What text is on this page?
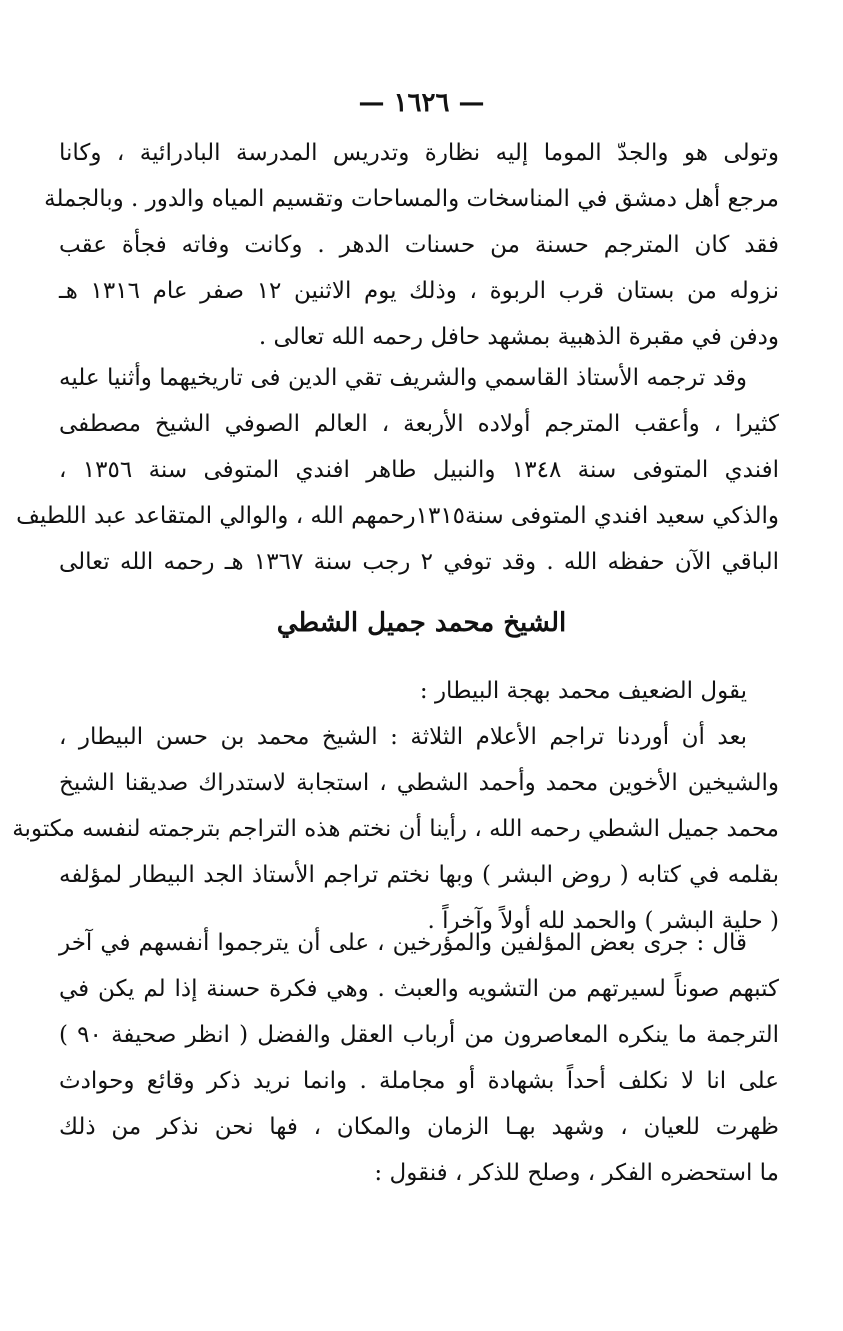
— ١٦٢٦ —
وتولى هو والجدّ الموما إليه نظارة وتدريس المدرسة البادرائية ، وكانا
مرجع أهل دمشق في المناسخات والمساحات وتقسيم المياه والدور . وبالجملة
فقد كان المترجم حسنة من حسنات الدهر . وكانت وفاته فجأة عقب
نزوله من بستان قرب الربوة ، وذلك يوم الاثنين ١٢ صفر عام ١٣١٦ هـ
ودفن في مقبرة الذهبية بمشهد حافل رحمه الله تعالى .
وقد ترجمه الأستاذ القاسمي والشريف تقي الدين فى تاريخيهما وأثنيا عليه
كثيرا ، وأعقب المترجم أولاده الأربعة ، العالم الصوفي الشيخ مصطفى
افندي المتوفى سنة ١٣٤٨ والنبيل طاهر افندي المتوفى سنة ١٣٥٦ ،
والذكي سعيد افندي المتوفى سنة١٣١٥رحمهم الله ، والوالي المتقاعد عبد اللطيف
الباقي الآن حفظه الله . وقد توفي ٢ رجب سنة ١٣٦٧ هـ رحمه الله تعالى
الشيخ محمد جميل الشطي
يقول الضعيف محمد بهجة البيطار :
بعد أن أوردنا تراجم الأعلام الثلاثة : الشيخ محمد بن حسن البيطار ،
والشيخين الأخوين محمد وأحمد الشطي ، استجابة لاستدراك صديقنا الشيخ
محمد جميل الشطي رحمه الله ، رأينا أن نختم هذه التراجم بترجمته لنفسه مكتوبة
بقلمه في كتابه ( روض البشر ) وبها نختم تراجم الأستاذ الجد البيطار لمؤلفه
( حلية البشر ) والحمد لله أولاً وآخراً .
قال : جرى بعض المؤلفين والمؤرخين ، على أن يترجموا أنفسهم في آخر
كتبهم صوناً لسيرتهم من التشويه والعبث . وهي فكرة حسنة إذا لم يكن في
الترجمة ما ينكره المعاصرون من أرباب العقل والفضل ( انظر صحيفة ٩٠ )
على انا لا نكلف أحداً بشهادة أو مجاملة . وانما نريد ذكر وقائع وحوادث
ظهرت للعيان ، وشهد بهـا الزمان والمكان ، فها نحن نذكر من ذلك
ما استحضره الفكر ، وصلح للذكر ، فنقول :
